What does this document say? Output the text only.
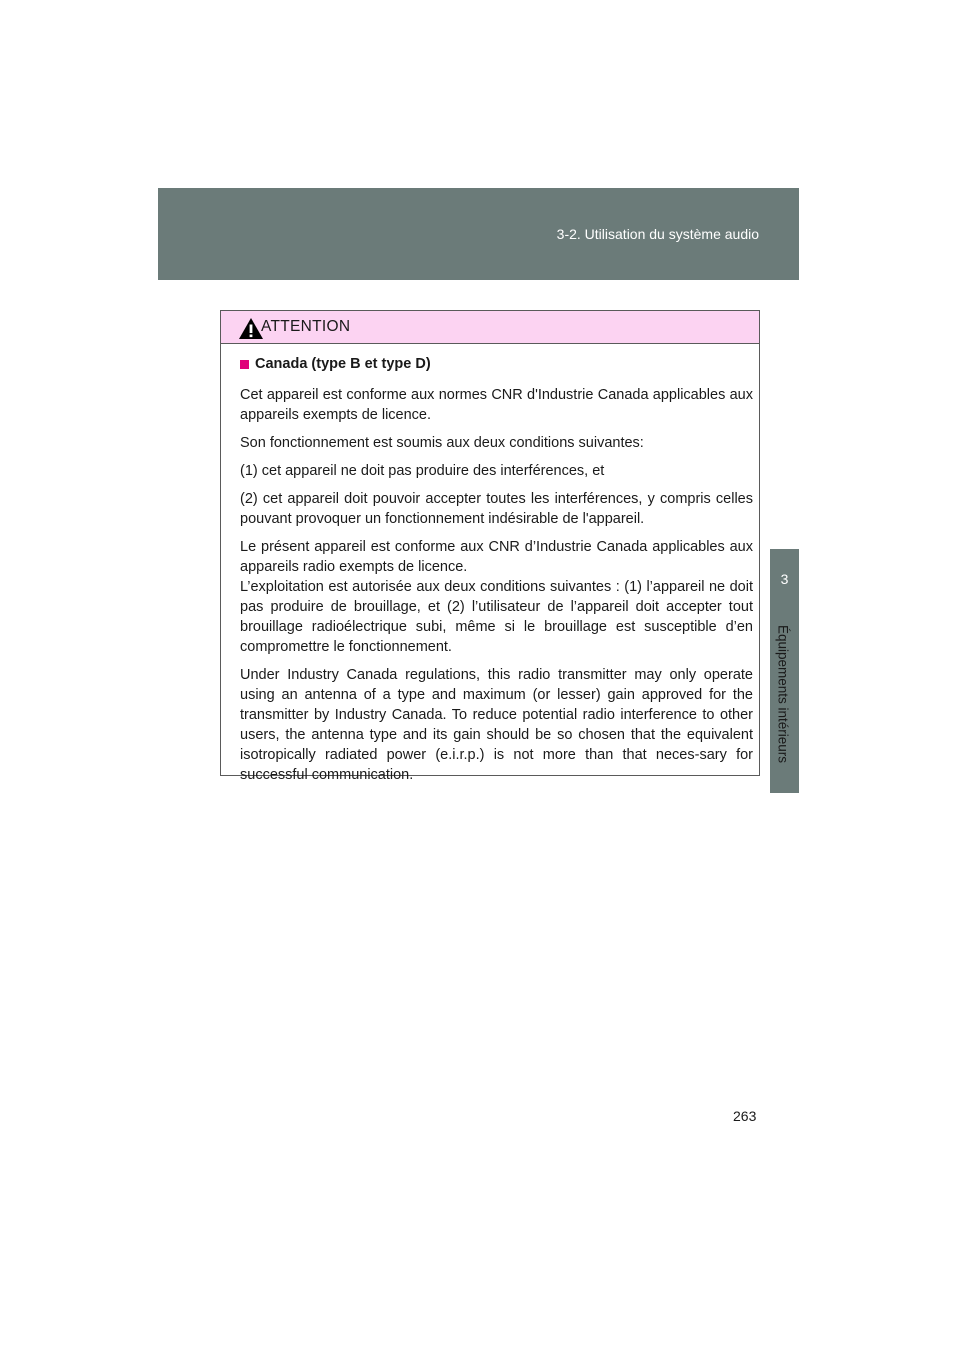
3-2. Utilisation du système audio
3
Équipements intérieurs
ATTENTION
Canada (type B et type D)

Cet appareil est conforme aux normes CNR d'Industrie Canada applicables aux appareils exempts de licence.

Son fonctionnement est soumis aux deux conditions suivantes:

(1) cet appareil ne doit pas produire des interférences, et

(2) cet appareil doit pouvoir accepter toutes les interférences, y compris celles pouvant provoquer un fonctionnement indésirable de l'appareil.

Le présent appareil est conforme aux CNR d’Industrie Canada applicables aux appareils radio exempts de licence.

L’exploitation est autorisée aux deux conditions suivantes : (1) l’appareil ne doit pas produire de brouillage, et (2) l’utilisateur de l’appareil doit accepter tout brouillage radioélectrique subi, même si le brouillage est susceptible d’en compromettre le fonctionnement.

Under Industry Canada regulations, this radio transmitter may only operate using an antenna of a type and maximum (or lesser) gain approved for the transmitter by Industry Canada. To reduce potential radio interference to other users, the antenna type and its gain should be so chosen that the equivalent isotropically radiated power (e.i.r.p.) is not more than that neces-sary for successful communication.

263
